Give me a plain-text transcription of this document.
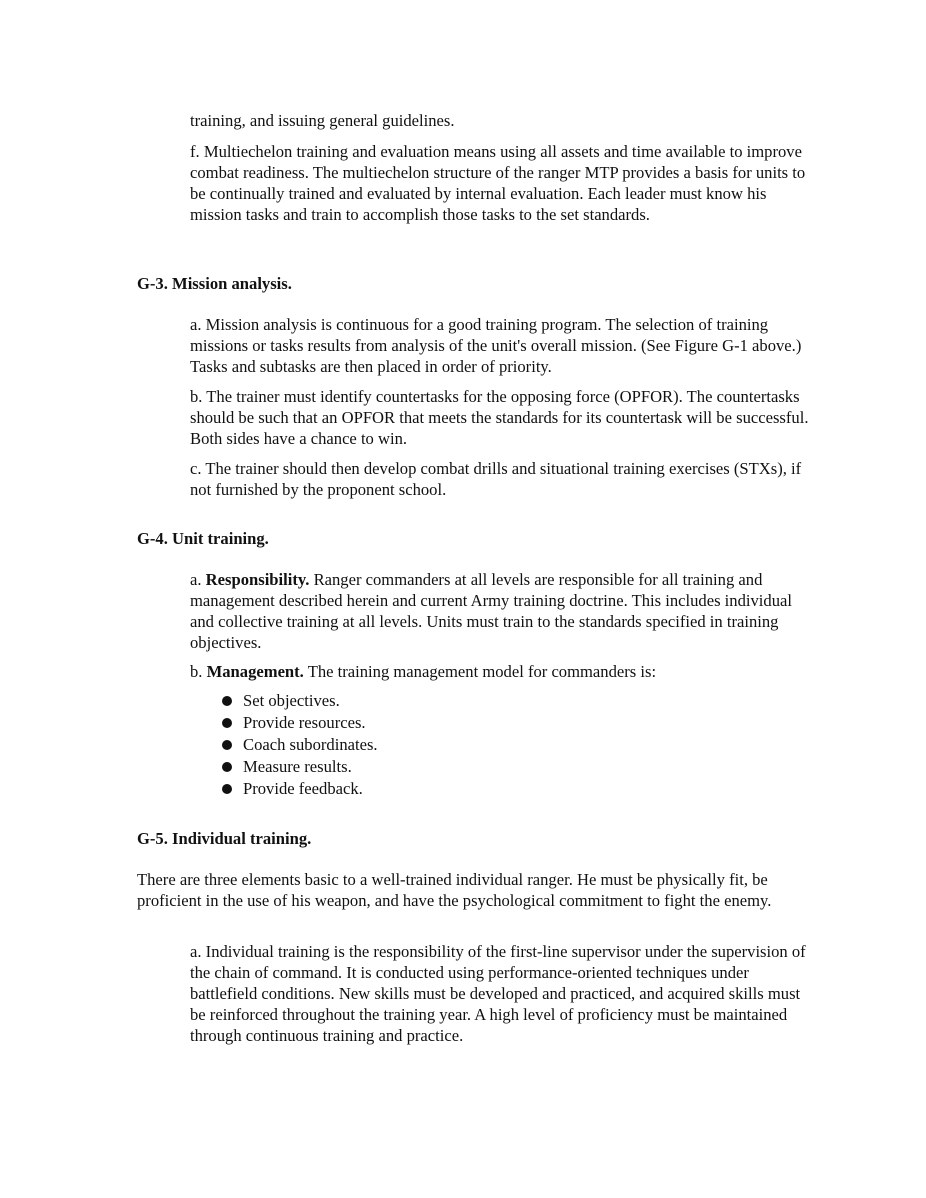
training, and issuing general guidelines.

f. Multiechelon training and evaluation means using all assets and time available to improve combat readiness. The multiechelon structure of the ranger MTP provides a basis for units to be continually trained and evaluated by internal evaluation. Each leader must know his mission tasks and train to accomplish those tasks to the set standards.

G-3. Mission analysis.

a. Mission analysis is continuous for a good training program. The selection of training missions or tasks results from analysis of the unit's overall mission. (See Figure G-1 above.) Tasks and subtasks are then placed in order of priority.

b. The trainer must identify countertasks for the opposing force (OPFOR). The countertasks should be such that an OPFOR that meets the standards for its countertask will be successful. Both sides have a chance to win.

c. The trainer should then develop combat drills and situational training exercises (STXs), if not furnished by the proponent school.

G-4. Unit training.

a. Responsibility. Ranger commanders at all levels are responsible for all training and management described herein and current Army training doctrine. This includes individual and collective training at all levels. Units must train to the standards specified in training objectives.

b. Management. The training management model for commanders is:

Set objectives.
Provide resources.
Coach subordinates.
Measure results.
Provide feedback.

G-5. Individual training.

There are three elements basic to a well-trained individual ranger. He must be physically fit, be proficient in the use of his weapon, and have the psychological commitment to fight the enemy.

a. Individual training is the responsibility of the first-line supervisor under the supervision of the chain of command. It is conducted using performance-oriented techniques under battlefield conditions. New skills must be developed and practiced, and acquired skills must be reinforced throughout the training year. A high level of proficiency must be maintained through continuous training and practice.
